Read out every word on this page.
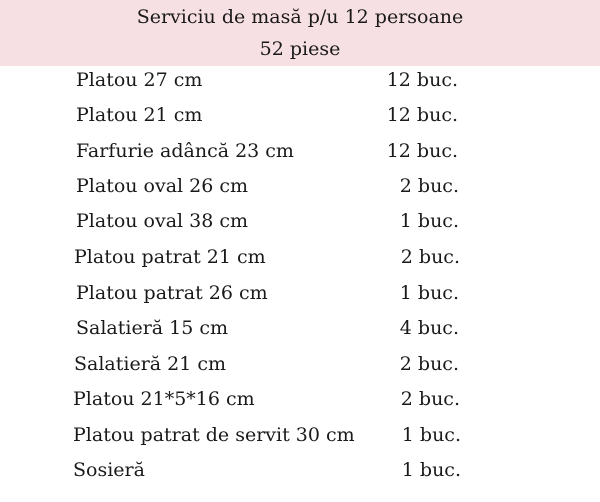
Serviciu de masă p/u 12 persoane
52 piese
Platou 27 cm	12 buc.
Platou 21 cm	12 buc.
Farfurie adâncă 23 cm	12 buc.
Platou oval 26 cm	2 buc.
Platou oval 38 cm	1 buc.
Platou patrat 21 cm	2 buc.
Platou patrat 26 cm	1 buc.
Salatieră 15 cm	4 buc.
Salatieră 21 cm	2 buc.
Platou 21*5*16 cm	2 buc.
Platou patrat de servit 30 cm 1 buc.
Sosieră	1 buc.
